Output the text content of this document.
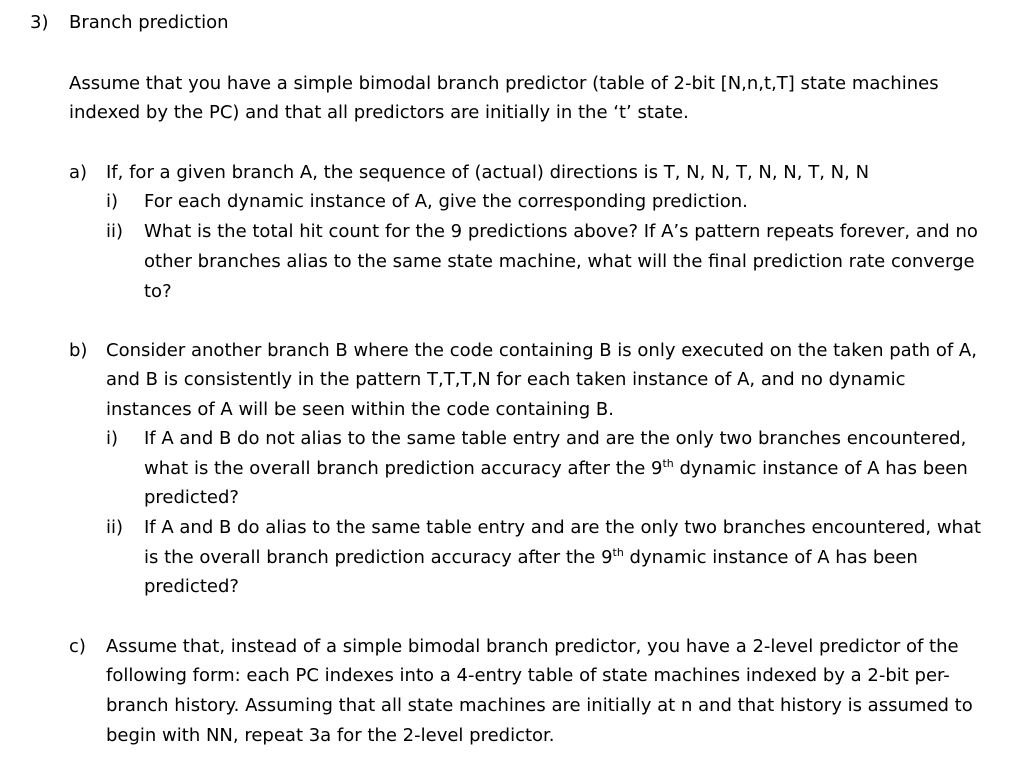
3) Branch prediction
Assume that you have a simple bimodal branch predictor (table of 2-bit [N,n,t,T] state machines
indexed by the PC) and that all predictors are initially in the ‘t’ state.
a) If, for a given branch A, the sequence of (actual) directions is T, N, N, T, N, N, T, N, N
i) For each dynamic instance of A, give the corresponding prediction.
ii) What is the total hit count for the 9 predictions above? If A’s pattern repeats forever, and no
other branches alias to the same state machine, what will the final prediction rate converge
to?
b) Consider another branch B where the code containing B is only executed on the taken path of A,
and B is consistently in the pattern T,T,T,N for each taken instance of A, and no dynamic
instances of A will be seen within the code containing B.
i) If A and B do not alias to the same table entry and are the only two branches encountered,
what is the overall branch prediction accuracy after the 9th dynamic instance of A has been
predicted?
ii) If A and B do alias to the same table entry and are the only two branches encountered, what
is the overall branch prediction accuracy after the 9th dynamic instance of A has been
predicted?
c) Assume that, instead of a simple bimodal branch predictor, you have a 2-level predictor of the
following form: each PC indexes into a 4-entry table of state machines indexed by a 2-bit per-
branch history. Assuming that all state machines are initially at n and that history is assumed to
begin with NN, repeat 3a for the 2-level predictor.
